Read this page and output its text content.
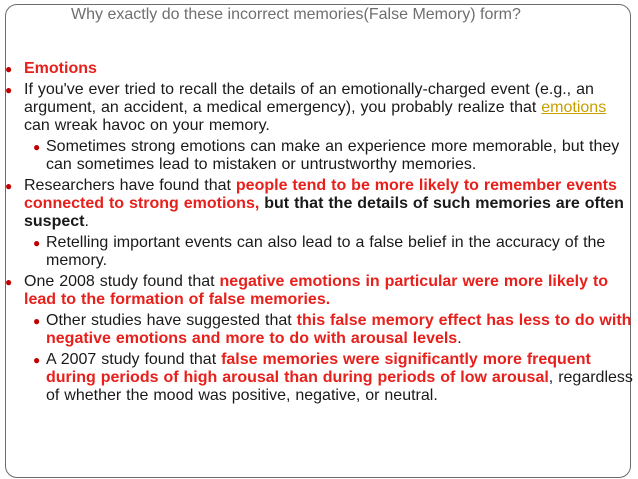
Why exactly do these incorrect memories(False Memory) form?
● Emotions
● If you've ever tried to recall the details of an emotionally-charged event (e.g., an argument, an accident, a medical emergency), you probably realize that emotions can wreak havoc on your memory.
● Sometimes strong emotions can make an experience more memorable, but they can sometimes lead to mistaken or untrustworthy memories.
● Researchers have found that people tend to be more likely to remember events connected to strong emotions, but that the details of such memories are often suspect.
● Retelling important events can also lead to a false belief in the accuracy of the memory.
● One 2008 study found that negative emotions in particular were more likely to lead to the formation of false memories.
● Other studies have suggested that this false memory effect has less to do with negative emotions and more to do with arousal levels.
● A 2007 study found that false memories were significantly more frequent during periods of high arousal than during periods of low arousal, regardless of whether the mood was positive, negative, or neutral.
